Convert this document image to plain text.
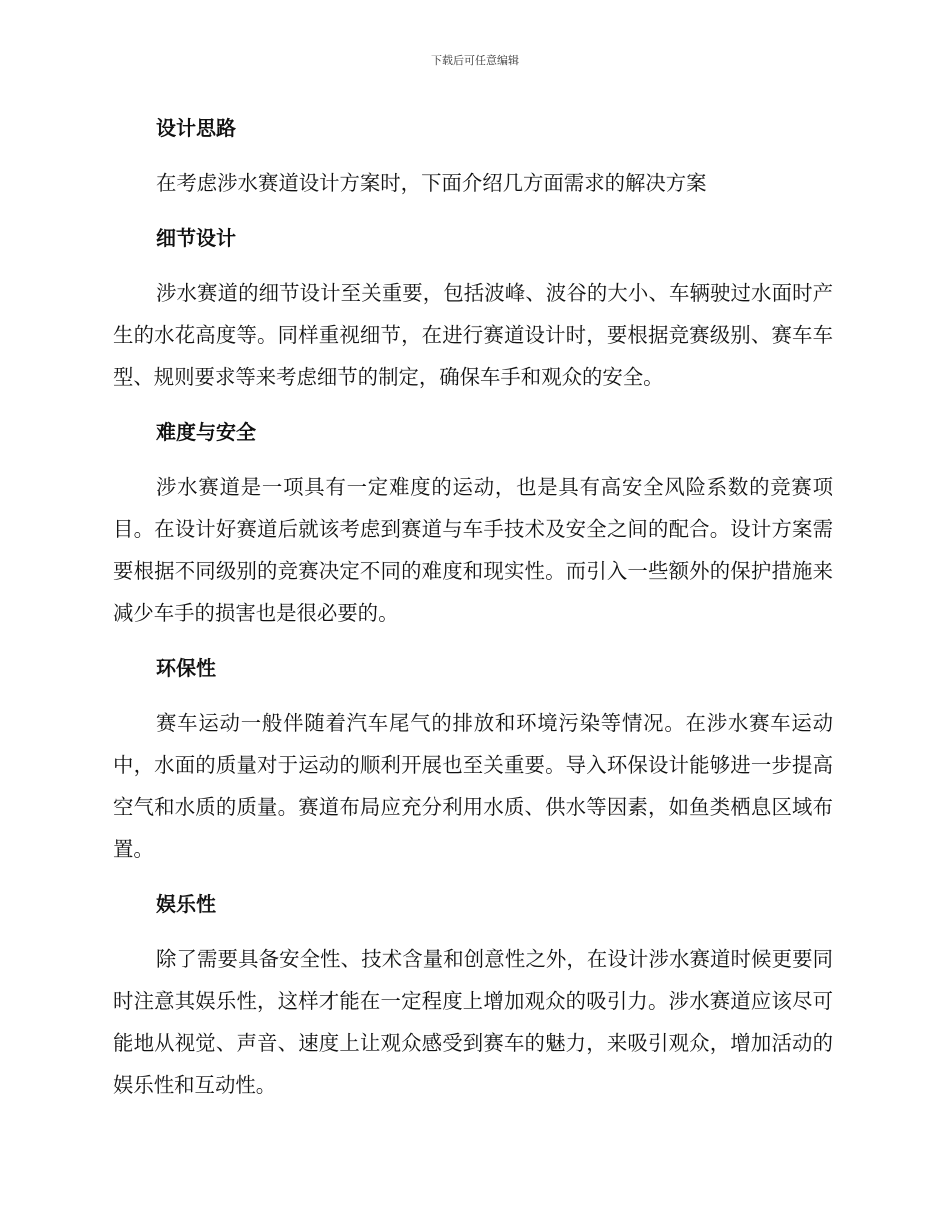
下载后可任意编辑
设计思路

在考虑涉水赛道设计方案时，下面介绍几方面需求的解决方案

细节设计

涉水赛道的细节设计至关重要，包括波峰、波谷的大小、车辆驶过水面时产生的水花高度等。同样重视细节，在进行赛道设计时，要根据竞赛级别、赛车车型、规则要求等来考虑细节的制定，确保车手和观众的安全。

难度与安全

涉水赛道是一项具有一定难度的运动，也是具有高安全风险系数的竞赛项目。在设计好赛道后就该考虑到赛道与车手技术及安全之间的配合。设计方案需要根据不同级别的竞赛决定不同的难度和现实性。而引入一些额外的保护措施来减少车手的损害也是很必要的。

环保性

赛车运动一般伴随着汽车尾气的排放和环境污染等情况。在涉水赛车运动中，水面的质量对于运动的顺利开展也至关重要。导入环保设计能够进一步提高空气和水质的质量。赛道布局应充分利用水质、供水等因素，如鱼类栖息区域布置。

娱乐性

除了需要具备安全性、技术含量和创意性之外，在设计涉水赛道时候更要同时注意其娱乐性，这样才能在一定程度上增加观众的吸引力。涉水赛道应该尽可能地从视觉、声音、速度上让观众感受到赛车的魅力，来吸引观众，增加活动的娱乐性和互动性。
